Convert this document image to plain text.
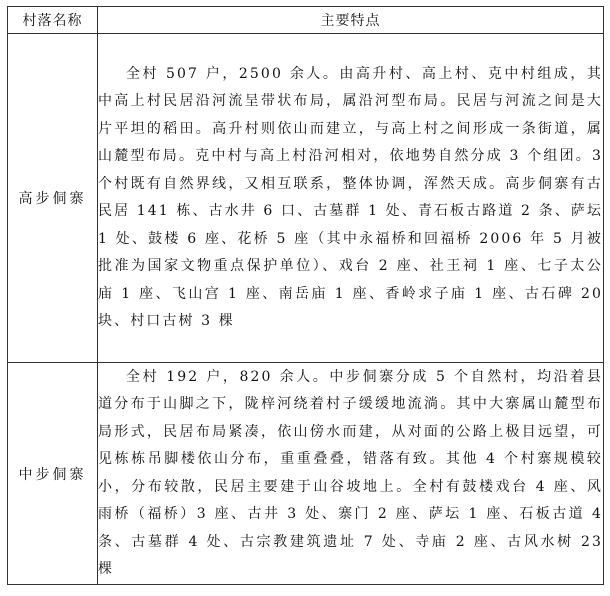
村落名称	主要特点
高步侗寨	全村 507 户，2500 余人。由高升村、高上村、克中村组成，其中高上村民居沿河流呈带状布局，属沿河型布局。民居与河流之间是大片平坦的稻田。高升村则依山而建立，与高上村之间形成一条街道，属山麓型布局。克中村与高上村沿河相对，依地势自然分成 3 个组团。3 个村既有自然界线，又相互联系，整体协调，浑然天成。高步侗寨有古民居 141 栋、古水井 6 口、古墓群 1 处、青石板古路道 2 条、萨坛 1 处、鼓楼 6 座、花桥 5 座（其中永福桥和回福桥 2006 年 5 月被批准为国家文物重点保护单位）、戏台 2 座、社王祠 1 座、七子太公庙 1 座、飞山宫 1 座、南岳庙 1 座、香岭求子庙 1 座、古石碑 20 块、村口古树 3 棵
中步侗寨	全村 192 户，820 余人。中步侗寨分成 5 个自然村，均沿着县道分布于山脚之下，陇梓河绕着村子缓缓地流淌。其中大寨属山麓型布局形式，民居布局紧凑，依山傍水而建，从对面的公路上极目远望，可见栋栋吊脚楼依山分布，重重叠叠，错落有致。其他 4 个村寨规模较小，分布较散，民居主要建于山谷坡地上。全村有鼓楼戏台 4 座、风雨桥（福桥）3 座、古井 3 处、寨门 2 座、萨坛 1 座、石板古道 4 条、古墓群 4 处、古宗教建筑遗址 7 处、寺庙 2 座、古风水树 23 棵
